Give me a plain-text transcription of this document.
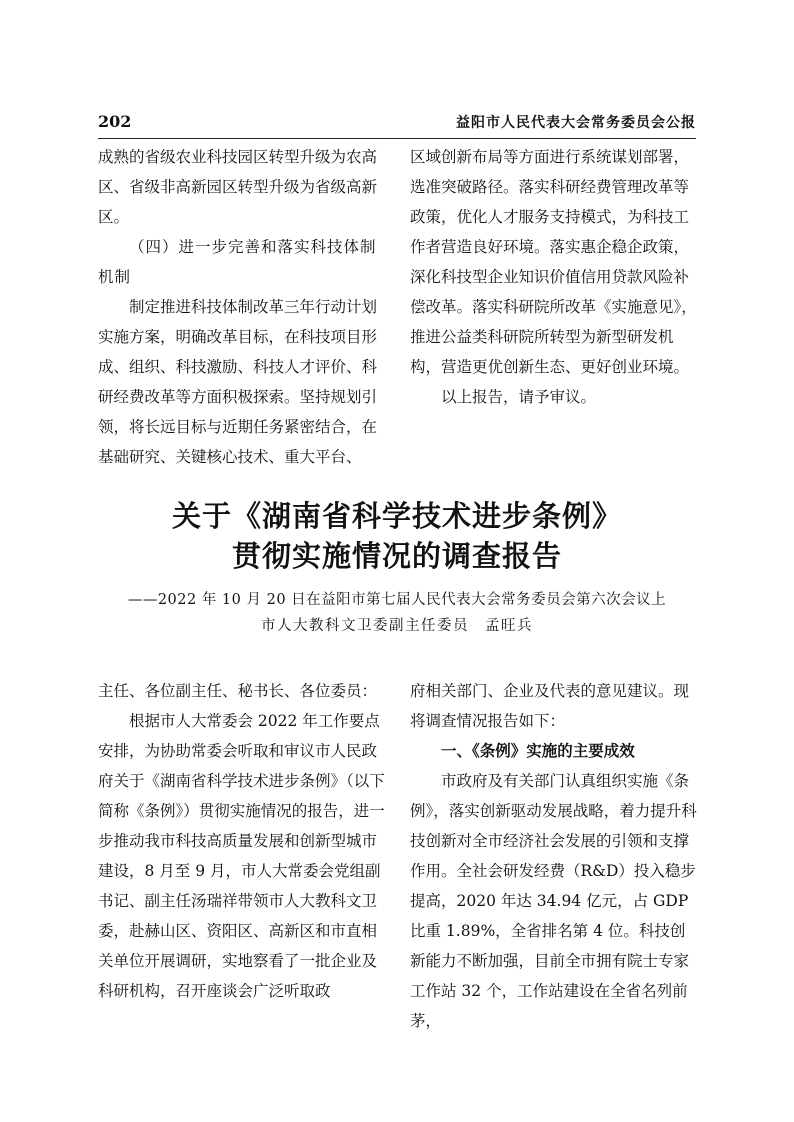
202	益阳市人民代表大会常务委员会公报

成熟的省级农业科技园区转型升级为农高区、省级非高新园区转型升级为省级高新区。

（四）进一步完善和落实科技体制机制

制定推进科技体制改革三年行动计划实施方案，明确改革目标，在科技项目形成、组织、科技激励、科技人才评价、科研经费改革等方面积极探索。坚持规划引领，将长远目标与近期任务紧密结合，在基础研究、关键核心技术、重大平台、

区域创新布局等方面进行系统谋划部署，选准突破路径。落实科研经费管理改革等政策，优化人才服务支持模式，为科技工作者营造良好环境。落实惠企稳企政策，深化科技型企业知识价值信用贷款风险补偿改革。落实科研院所改革《实施意见》，推进公益类科研院所转型为新型研发机构，营造更优创新生态、更好创业环境。

以上报告，请予审议。

关于《湖南省科学技术进步条例》
贯彻实施情况的调查报告
——2022 年 10 月 20 日在益阳市第七届人民代表大会常务委员会第六次会议上
市人大教科文卫委副主任委员　孟旺兵

主任、各位副主任、秘书长、各位委员：

根据市人大常委会 2022 年工作要点安排，为协助常委会听取和审议市人民政府关于《湖南省科学技术进步条例》（以下简称《条例》）贯彻实施情况的报告，进一步推动我市科技高质量发展和创新型城市建设，8 月至 9 月，市人大常委会党组副书记、副主任汤瑞祥带领市人大教科文卫委，赴赫山区、资阳区、高新区和市直相关单位开展调研，实地察看了一批企业及科研机构，召开座谈会广泛听取政

府相关部门、企业及代表的意见建议。现将调查情况报告如下：

一、《条例》实施的主要成效

市政府及有关部门认真组织实施《条例》，落实创新驱动发展战略，着力提升科技创新对全市经济社会发展的引领和支撑作用。全社会研发经费（R&D）投入稳步提高，2020 年达 34.94 亿元，占 GDP 比重 1.89%，全省排名第 4 位。科技创新能力不断加强，目前全市拥有院士专家工作站 32 个，工作站建设在全省名列前茅，
